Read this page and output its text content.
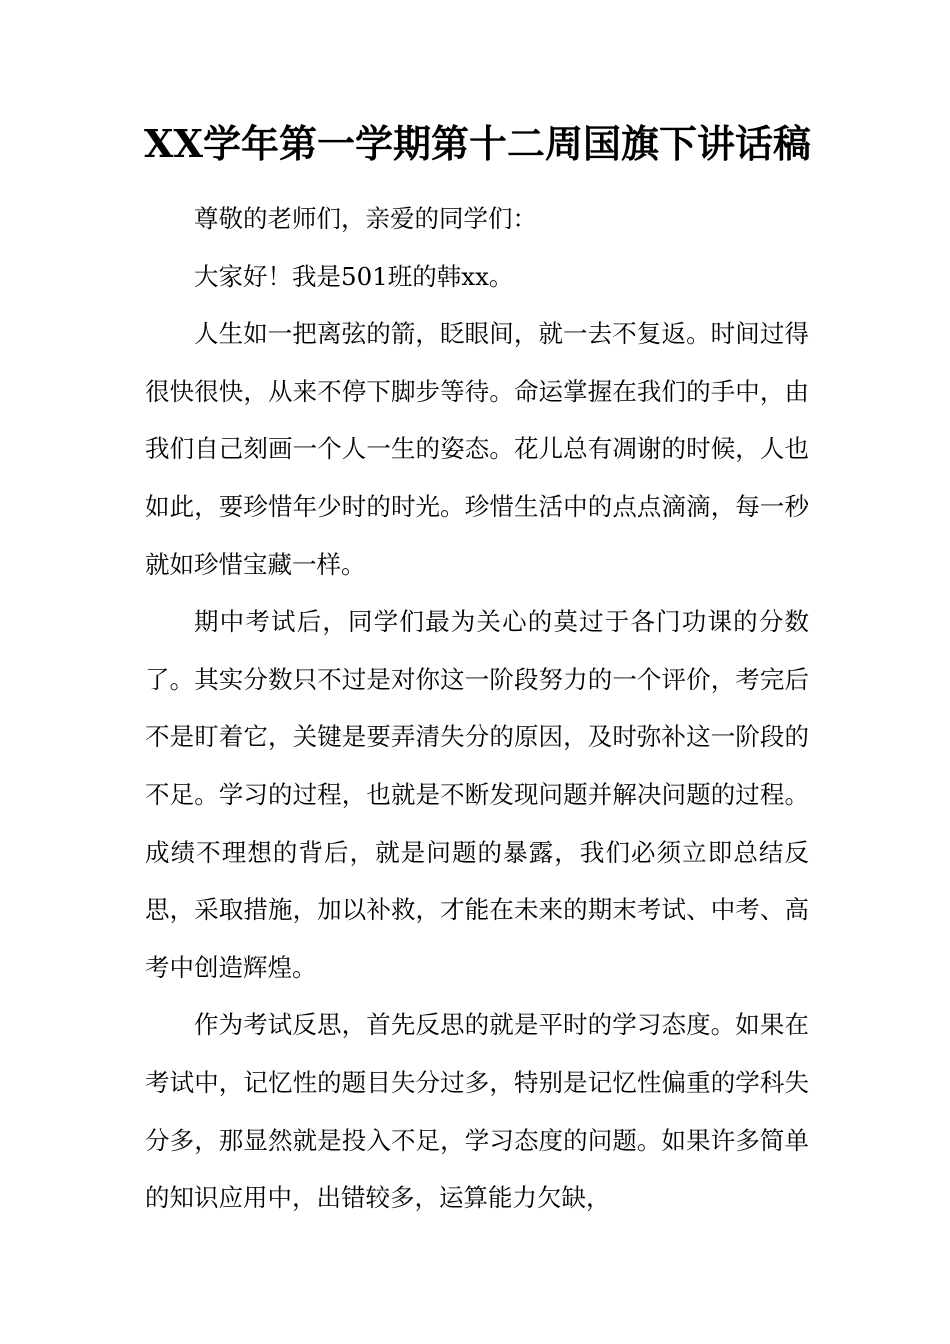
XX学年第一学期第十二周国旗下讲话稿

尊敬的老师们，亲爱的同学们：

大家好！我是501班的韩xx。

人生如一把离弦的箭，眨眼间，就一去不复返。时间过得很快很快，从来不停下脚步等待。命运掌握在我们的手中，由我们自己刻画一个人一生的姿态。花儿总有凋谢的时候，人也如此，要珍惜年少时的时光。珍惜生活中的点点滴滴，每一秒就如珍惜宝藏一样。

期中考试后，同学们最为关心的莫过于各门功课的分数了。其实分数只不过是对你这一阶段努力的一个评价，考完后不是盯着它，关键是要弄清失分的原因，及时弥补这一阶段的不足。学习的过程，也就是不断发现问题并解决问题的过程。成绩不理想的背后，就是问题的暴露，我们必须立即总结反思，采取措施，加以补救，才能在未来的期末考试、中考、高考中创造辉煌。

作为考试反思，首先反思的就是平时的学习态度。如果在考试中，记忆性的题目失分过多，特别是记忆性偏重的学科失分多，那显然就是投入不足，学习态度的问题。如果许多简单的知识应用中，出错较多，运算能力欠缺，
